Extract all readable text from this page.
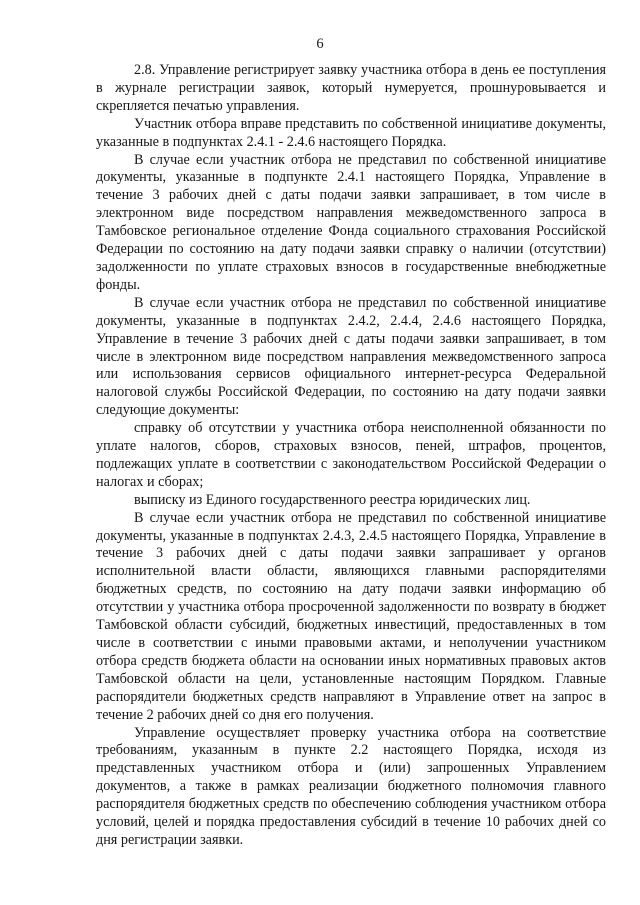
6

2.8. Управление регистрирует заявку участника отбора в день ее поступления в журнале регистрации заявок, который нумеруется, прошнуровывается и скрепляется печатью управления.

Участник отбора вправе представить по собственной инициативе документы, указанные в подпунктах 2.4.1 - 2.4.6 настоящего Порядка.

В случае если участник отбора не представил по собственной инициативе документы, указанные в подпункте 2.4.1 настоящего Порядка, Управление в течение 3 рабочих дней с даты подачи заявки запрашивает, в том числе в электронном виде посредством направления межведомственного запроса в Тамбовское региональное отделение Фонда социального страхования Российской Федерации по состоянию на дату подачи заявки справку о наличии (отсутствии) задолженности по уплате страховых взносов в государственные внебюджетные фонды.

В случае если участник отбора не представил по собственной инициативе документы, указанные в подпунктах 2.4.2, 2.4.4, 2.4.6 настоящего Порядка, Управление в течение 3 рабочих дней с даты подачи заявки запрашивает, в том числе в электронном виде посредством направления межведомственного запроса или использования сервисов официального интернет-ресурса Федеральной налоговой службы Российской Федерации, по состоянию на дату подачи заявки следующие документы:

справку об отсутствии у участника отбора неисполненной обязанности по уплате налогов, сборов, страховых взносов, пеней, штрафов, процентов, подлежащих уплате в соответствии с законодательством Российской Федерации о налогах и сборах;

выписку из Единого государственного реестра юридических лиц.

В случае если участник отбора не представил по собственной инициативе документы, указанные в подпунктах 2.4.3, 2.4.5 настоящего Порядка, Управление в течение 3 рабочих дней с даты подачи заявки запрашивает у органов исполнительной власти области, являющихся главными распорядителями бюджетных средств, по состоянию на дату подачи заявки информацию об отсутствии у участника отбора просроченной задолженности по возврату в бюджет Тамбовской области субсидий, бюджетных инвестиций, предоставленных в том числе в соответствии с иными правовыми актами, и неполучении участником отбора средств бюджета области на основании иных нормативных правовых актов Тамбовской области на цели, установленные настоящим Порядком. Главные распорядители бюджетных средств направляют в Управление ответ на запрос в течение 2 рабочих дней со дня его получения.

Управление осуществляет проверку участника отбора на соответствие требованиям, указанным в пункте 2.2 настоящего Порядка, исходя из представленных участником отбора и (или) запрошенных Управлением документов, а также в рамках реализации бюджетного полномочия главного распорядителя бюджетных средств по обеспечению соблюдения участником отбора условий, целей и порядка предоставления субсидий в течение 10 рабочих дней со дня регистрации заявки.
